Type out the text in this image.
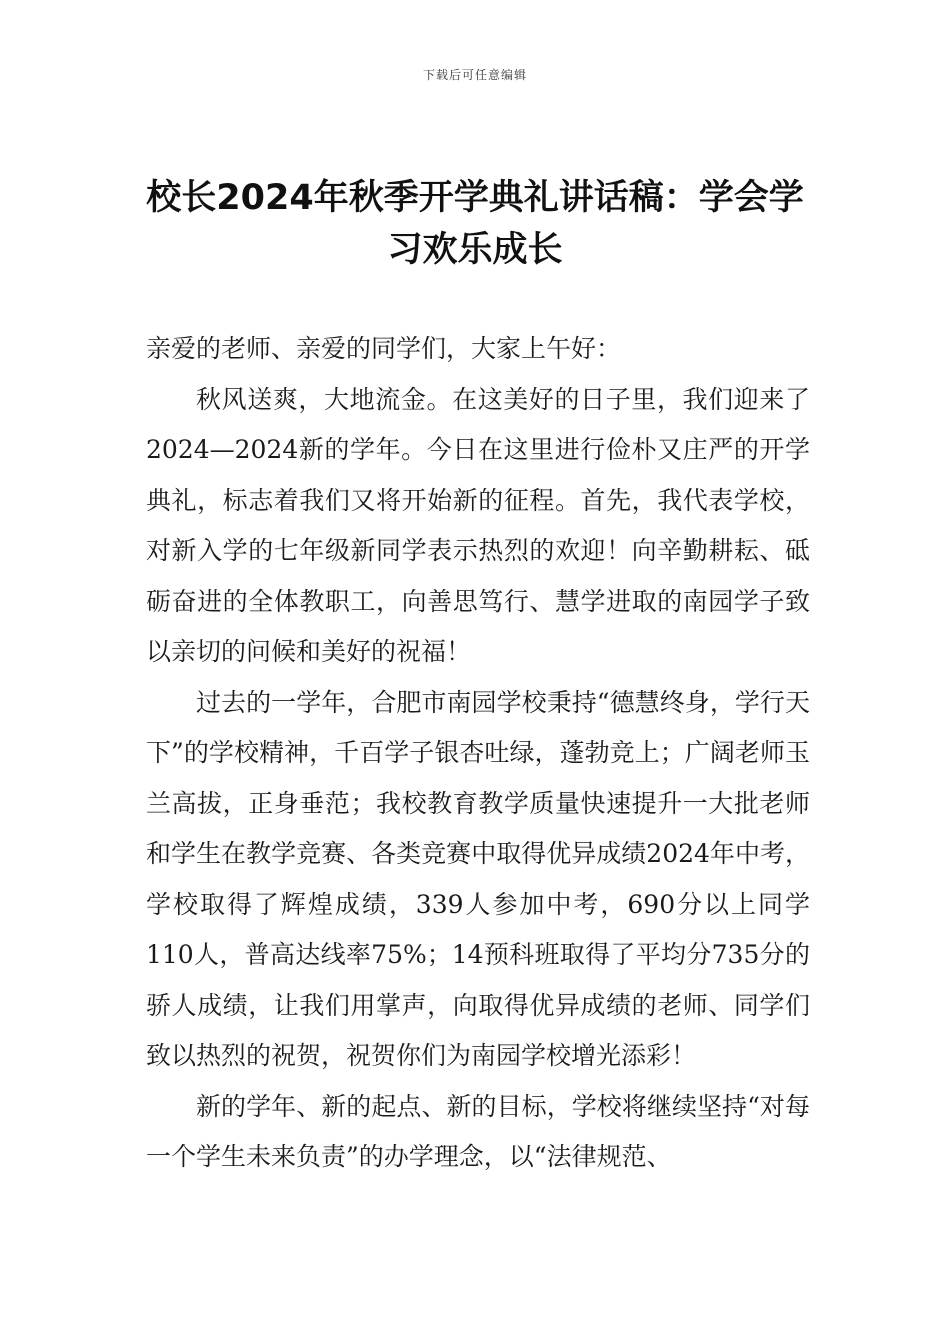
下载后可任意编辑
校长2024年秋季开学典礼讲话稿：学会学习欢乐成长

亲爱的老师、亲爱的同学们，大家上午好：

秋风送爽，大地流金。在这美好的日子里，我们迎来了2024—2024新的学年。今日在这里进行俭朴又庄严的开学典礼，标志着我们又将开始新的征程。首先，我代表学校，对新入学的七年级新同学表示热烈的欢迎！向辛勤耕耘、砥砺奋进的全体教职工，向善思笃行、慧学进取的南园学子致以亲切的问候和美好的祝福！

过去的一学年，合肥市南园学校秉持“德慧终身，学行天下”的学校精神，千百学子银杏吐绿，蓬勃竞上；广阔老师玉兰高拔，正身垂范；我校教育教学质量快速提升一大批老师和学生在教学竞赛、各类竞赛中取得优异成绩2024年中考，学校取得了辉煌成绩，339人参加中考，690分以上同学110人，普高达线率75%；14预科班取得了平均分735分的骄人成绩，让我们用掌声，向取得优异成绩的老师、同学们致以热烈的祝贺，祝贺你们为南园学校增光添彩！

新的学年、新的起点、新的目标，学校将继续坚持“对每一个学生未来负责”的办学理念，以“法律规范、
